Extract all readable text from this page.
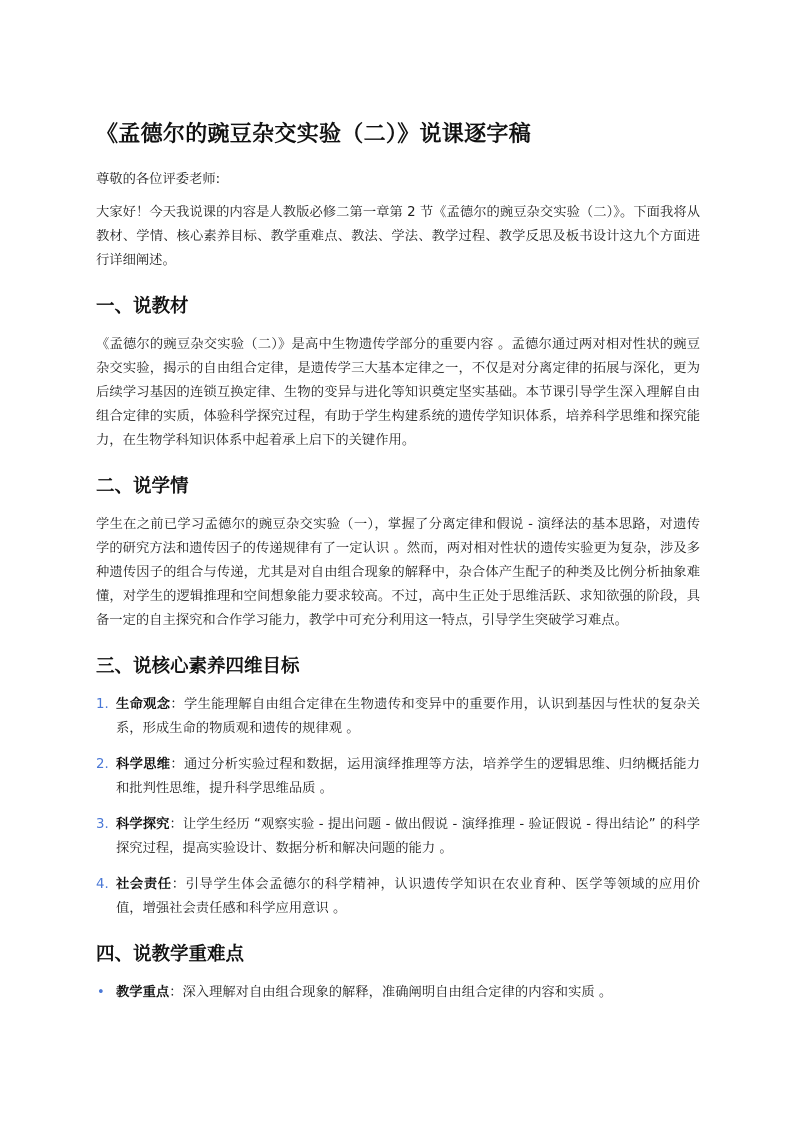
《孟德尔的豌豆杂交实验（二）》说课逐字稿

尊敬的各位评委老师:

大家好！今天我说课的内容是人教版必修二第一章第 2 节《孟德尔的豌豆杂交实验（二）》。下面我将从教材、学情、核心素养目标、教学重难点、教法、学法、教学过程、教学反思及板书设计这九个方面进行详细阐述。

一、说教材

《孟德尔的豌豆杂交实验（二）》是高中生物遗传学部分的重要内容 。孟德尔通过两对相对性状的豌豆杂交实验，揭示的自由组合定律，是遗传学三大基本定律之一，不仅是对分离定律的拓展与深化，更为后续学习基因的连锁互换定律、生物的变异与进化等知识奠定坚实基础。本节课引导学生深入理解自由组合定律的实质，体验科学探究过程，有助于学生构建系统的遗传学知识体系，培养科学思维和探究能力，在生物学科知识体系中起着承上启下的关键作用。

二、说学情

学生在之前已学习孟德尔的豌豆杂交实验（一），掌握了分离定律和假说 - 演绎法的基本思路，对遗传学的研究方法和遗传因子的传递规律有了一定认识 。然而，两对相对性状的遗传实验更为复杂，涉及多种遗传因子的组合与传递，尤其是对自由组合现象的解释中，杂合体产生配子的种类及比例分析抽象难懂，对学生的逻辑推理和空间想象能力要求较高。不过，高中生正处于思维活跃、求知欲强的阶段，具备一定的自主探究和合作学习能力，教学中可充分利用这一特点，引导学生突破学习难点。

三、说核心素养四维目标
1. 生命观念：学生能理解自由组合定律在生物遗传和变异中的重要作用，认识到基因与性状的复杂关系，形成生命的物质观和遗传的规律观 。
2. 科学思维：通过分析实验过程和数据，运用演绎推理等方法，培养学生的逻辑思维、归纳概括能力和批判性思维，提升科学思维品质 。
3. 科学探究：让学生经历 “观察实验 - 提出问题 - 做出假说 - 演绎推理 - 验证假说 - 得出结论” 的科学探究过程，提高实验设计、数据分析和解决问题的能力 。
4. 社会责任：引导学生体会孟德尔的科学精神，认识遗传学知识在农业育种、医学等领域的应用价值，增强社会责任感和科学应用意识 。
四、说教学重难点
• 教学重点：深入理解对自由组合现象的解释，准确阐明自由组合定律的内容和实质 。
